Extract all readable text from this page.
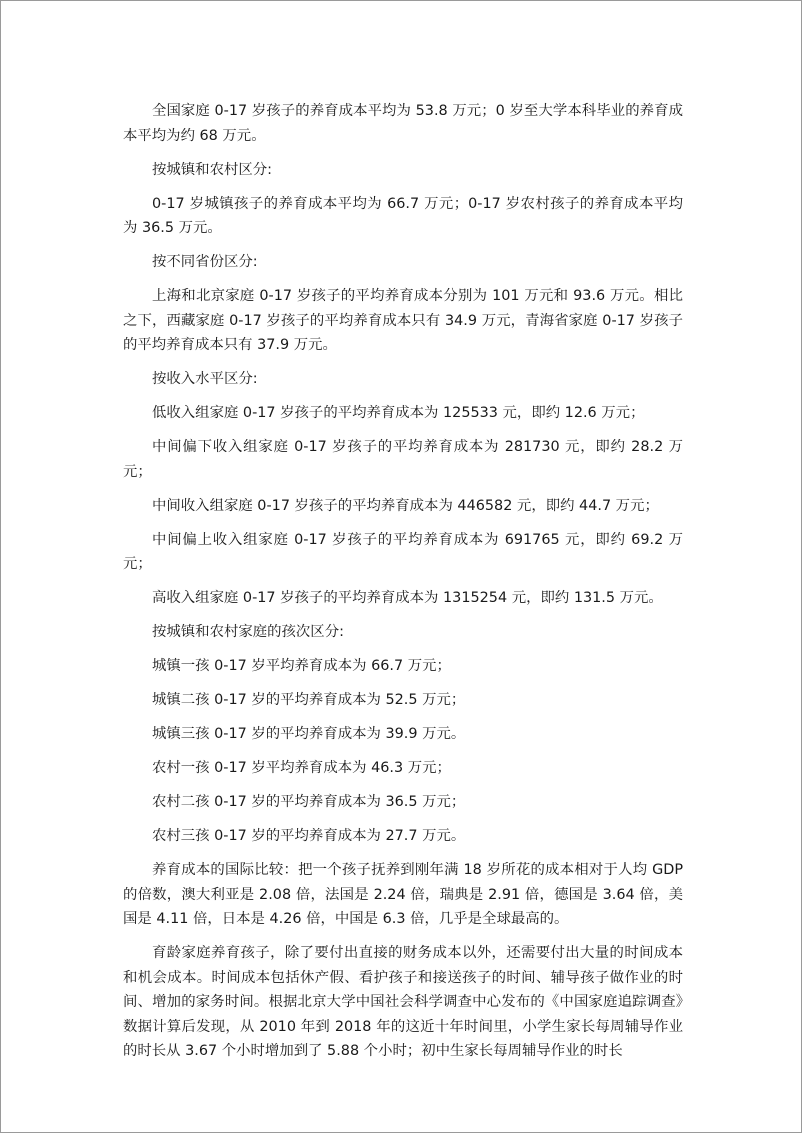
全国家庭 0-17 岁孩子的养育成本平均为 53.8 万元；0 岁至大学本科毕业的养育成本平均为约 68 万元。

按城镇和农村区分:

0-17 岁城镇孩子的养育成本平均为 66.7 万元；0-17 岁农村孩子的养育成本平均为 36.5 万元。

按不同省份区分:

上海和北京家庭 0-17 岁孩子的平均养育成本分别为 101 万元和 93.6 万元。相比之下，西藏家庭 0-17 岁孩子的平均养育成本只有 34.9 万元，青海省家庭 0-17 岁孩子的平均养育成本只有 37.9 万元。

按收入水平区分:

低收入组家庭 0-17 岁孩子的平均养育成本为 125533 元，即约 12.6 万元；

中间偏下收入组家庭 0-17 岁孩子的平均养育成本为 281730 元，即约 28.2 万元；

中间收入组家庭 0-17 岁孩子的平均养育成本为 446582 元，即约 44.7 万元；

中间偏上收入组家庭 0-17 岁孩子的平均养育成本为 691765 元，即约 69.2 万元；

高收入组家庭 0-17 岁孩子的平均养育成本为 1315254 元，即约 131.5 万元。

按城镇和农村家庭的孩次区分:

城镇一孩 0-17 岁平均养育成本为 66.7 万元；

城镇二孩 0-17 岁的平均养育成本为 52.5 万元；

城镇三孩 0-17 岁的平均养育成本为 39.9 万元。

农村一孩 0-17 岁平均养育成本为 46.3 万元；

农村二孩 0-17 岁的平均养育成本为 36.5 万元；

农村三孩 0-17 岁的平均养育成本为 27.7 万元。

养育成本的国际比较：把一个孩子抚养到刚年满 18 岁所花的成本相对于人均 GDP 的倍数，澳大利亚是 2.08 倍，法国是 2.24 倍，瑞典是 2.91 倍，德国是 3.64 倍，美国是 4.11 倍，日本是 4.26 倍，中国是 6.3 倍，几乎是全球最高的。

育龄家庭养育孩子，除了要付出直接的财务成本以外，还需要付出大量的时间成本和机会成本。时间成本包括休产假、看护孩子和接送孩子的时间、辅导孩子做作业的时间、增加的家务时间。根据北京大学中国社会科学调查中心发布的《中国家庭追踪调查》数据计算后发现，从 2010 年到 2018 年的这近十年时间里，小学生家长每周辅导作业的时长从 3.67 个小时增加到了 5.88 个小时；初中生家长每周辅导作业的时长
